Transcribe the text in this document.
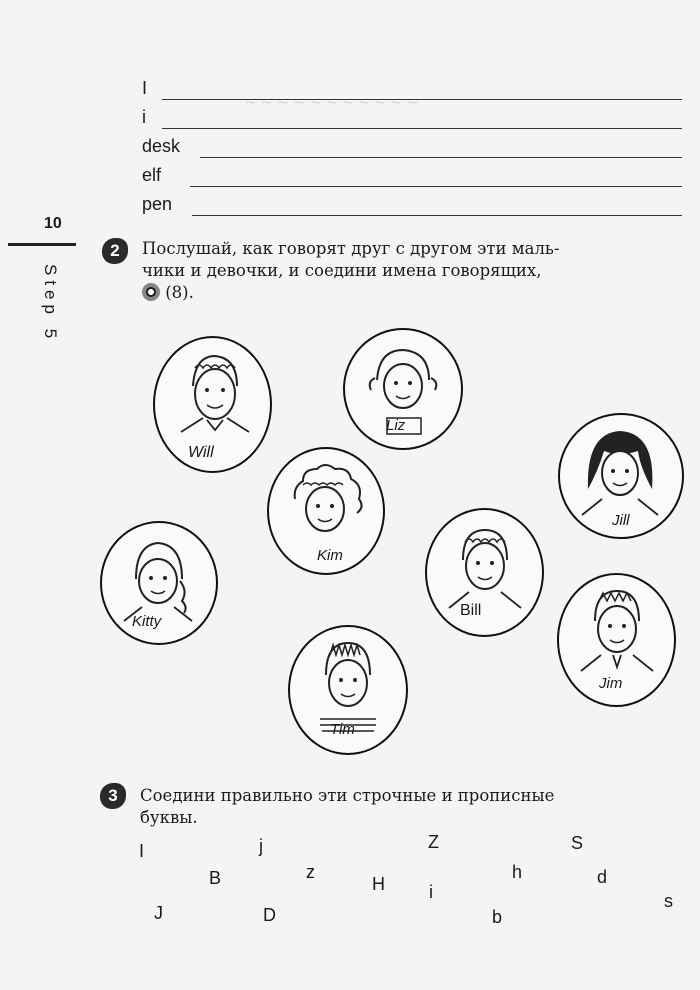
~ ~ ~ ~ ~ ~ ~ ~ ~ ~ ~
I
i
desk
elf
pen
10
Step 5
2	Послушай, как говорят друг с другом эти маль-
чики и девочки, и соедини имена говорящих,
(8).
Will
Liz
Jill
Kim
Kitty
Bill
Jim
Tim
3	Соедини правильно эти строчные и прописные
буквы.
I	j	Z	S
B	z
H
h	d
i
J	D	b
s
